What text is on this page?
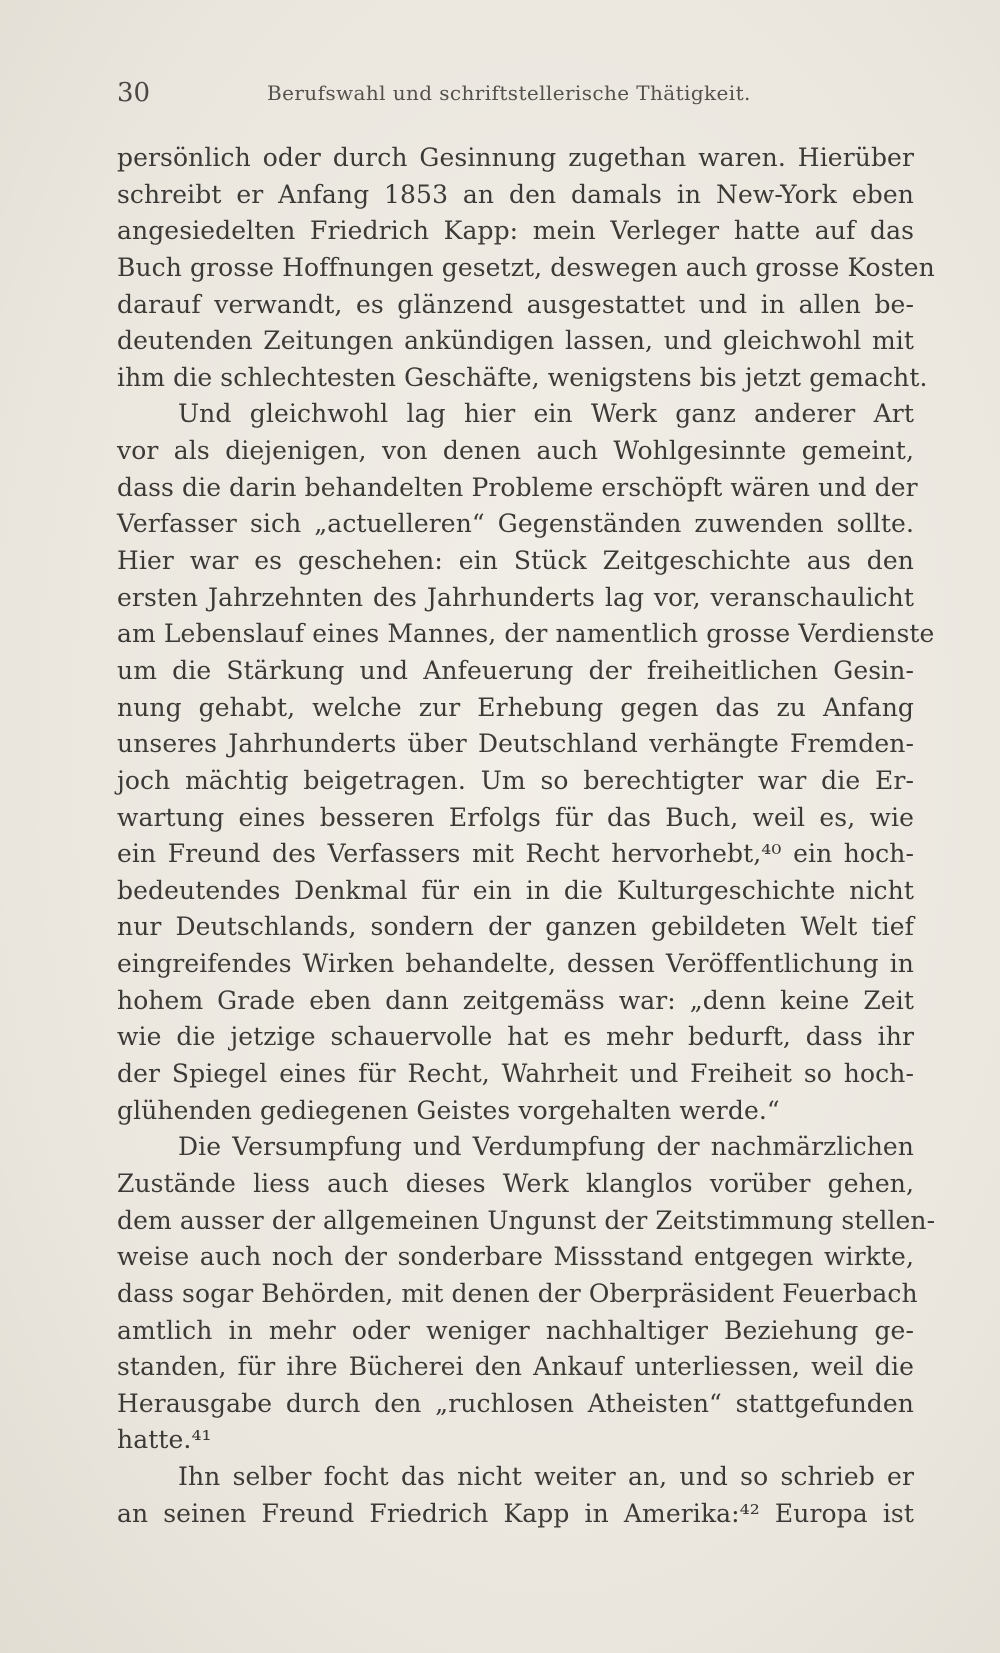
30	Berufswahl und schriftstellerische Thätigkeit.
persönlich oder durch Gesinnung zugethan waren. Hierüber
schreibt er Anfang 1853 an den damals in New-York eben
angesiedelten Friedrich Kapp: mein Verleger hatte auf das
Buch grosse Hoffnungen gesetzt, deswegen auch grosse Kosten
darauf verwandt, es glänzend ausgestattet und in allen be-
deutenden Zeitungen ankündigen lassen, und gleichwohl mit
ihm die schlechtesten Geschäfte, wenigstens bis jetzt gemacht.
Und gleichwohl lag hier ein Werk ganz anderer Art
vor als diejenigen, von denen auch Wohlgesinnte gemeint,
dass die darin behandelten Probleme erschöpft wären und der
Verfasser sich „actuelleren“ Gegenständen zuwenden sollte.
Hier war es geschehen: ein Stück Zeitgeschichte aus den
ersten Jahrzehnten des Jahrhunderts lag vor, veranschaulicht
am Lebenslauf eines Mannes, der namentlich grosse Verdienste
um die Stärkung und Anfeuerung der freiheitlichen Gesin-
nung gehabt, welche zur Erhebung gegen das zu Anfang
unseres Jahrhunderts über Deutschland verhängte Fremden-
joch mächtig beigetragen. Um so berechtigter war die Er-
wartung eines besseren Erfolgs für das Buch, weil es, wie
ein Freund des Verfassers mit Recht hervorhebt,⁴⁰ ein hoch-
bedeutendes Denkmal für ein in die Kulturgeschichte nicht
nur Deutschlands, sondern der ganzen gebildeten Welt tief
eingreifendes Wirken behandelte, dessen Veröffentlichung in
hohem Grade eben dann zeitgemäss war: „denn keine Zeit
wie die jetzige schauervolle hat es mehr bedurft, dass ihr
der Spiegel eines für Recht, Wahrheit und Freiheit so hoch-
glühenden gediegenen Geistes vorgehalten werde.“
Die Versumpfung und Verdumpfung der nachmärzlichen
Zustände liess auch dieses Werk klanglos vorüber gehen,
dem ausser der allgemeinen Ungunst der Zeitstimmung stellen-
weise auch noch der sonderbare Missstand entgegen wirkte,
dass sogar Behörden, mit denen der Oberpräsident Feuerbach
amtlich in mehr oder weniger nachhaltiger Beziehung ge-
standen, für ihre Bücherei den Ankauf unterliessen, weil die
Herausgabe durch den „ruchlosen Atheisten“ stattgefunden
hatte.⁴¹
Ihn selber focht das nicht weiter an, und so schrieb er
an seinen Freund Friedrich Kapp in Amerika:⁴² Europa ist
